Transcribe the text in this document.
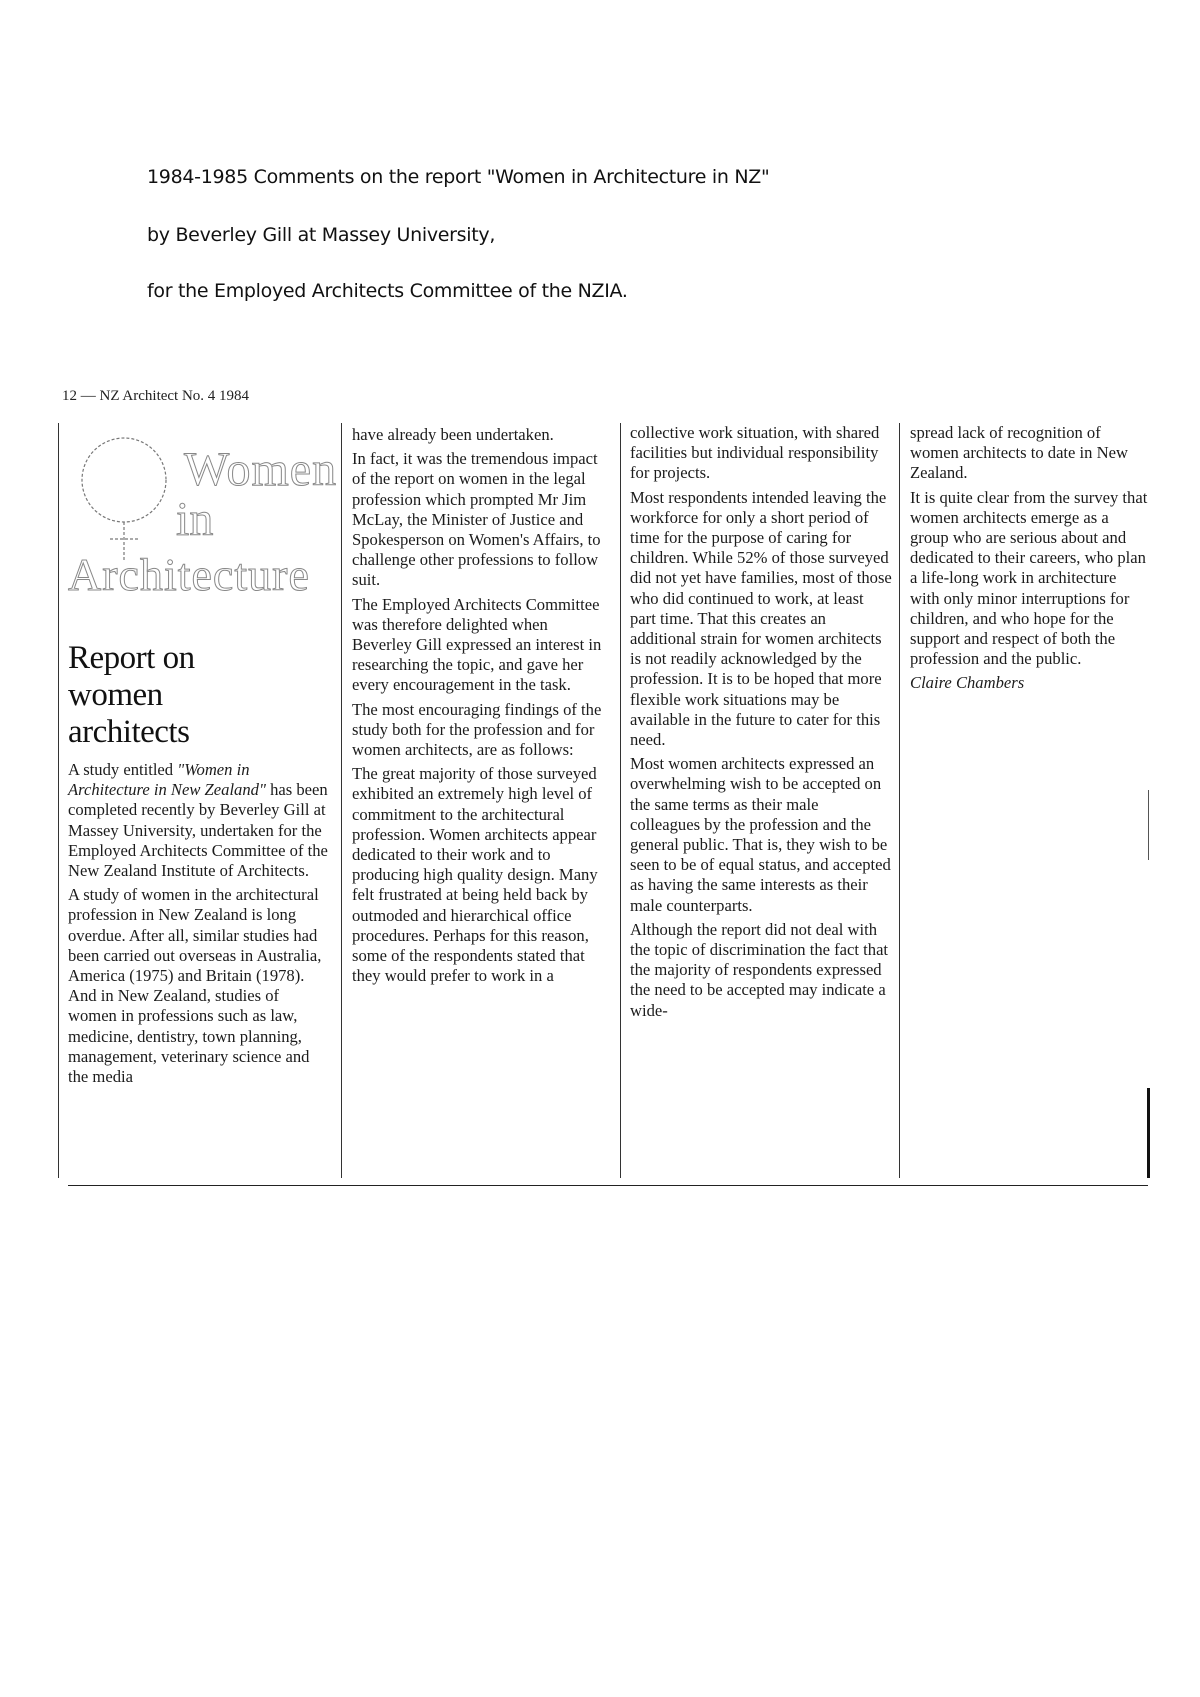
1984-1985 Comments on the report "Women in Architecture in NZ"
by Beverley Gill at Massey University,
for the Employed Architects Committee of the NZIA.
12 — NZ Architect No. 4 1984
Women
in
Architecture
Report on
women
architects

A study entitled "Women in Architecture in New Zealand" has been completed recently by Beverley Gill at Massey University, undertaken for the Employed Architects Committee of the New Zealand Institute of Architects.

A study of women in the architectural profession in New Zealand is long overdue. After all, similar studies had been carried out overseas in Australia, America (1975) and Britain (1978). And in New Zealand, studies of women in professions such as law, medicine, dentistry, town planning, management, veterinary science and the media

have already been undertaken.

In fact, it was the tremendous impact of the report on women in the legal profession which prompted Mr Jim McLay, the Minister of Justice and Spokesperson on Women's Affairs, to challenge other professions to follow suit.

The Employed Architects Committee was therefore delighted when Beverley Gill expressed an interest in researching the topic, and gave her every encouragement in the task.

The most encouraging findings of the study both for the profession and for women architects, are as follows:

The great majority of those surveyed exhibited an extremely high level of commitment to the architectural profession. Women architects appear dedicated to their work and to producing high quality design. Many felt frustrated at being held back by outmoded and hierarchical office procedures. Perhaps for this reason, some of the respondents stated that they would prefer to work in a

collective work situation, with shared facilities but individual responsibility for projects.

Most respondents intended leaving the workforce for only a short period of time for the purpose of caring for children. While 52% of those surveyed did not yet have families, most of those who did continued to work, at least part time. That this creates an additional strain for women architects is not readily acknowledged by the profession. It is to be hoped that more flexible work situations may be available in the future to cater for this need.

Most women architects expressed an overwhelming wish to be accepted on the same terms as their male colleagues by the profession and the general public. That is, they wish to be seen to be of equal status, and accepted as having the same interests as their male counterparts.

Although the report did not deal with the topic of discrimination the fact that the majority of respondents expressed the need to be accepted may indicate a wide-

spread lack of recognition of women architects to date in New Zealand.

It is quite clear from the survey that women architects emerge as a group who are serious about and dedicated to their careers, who plan a life-long work in architecture with only minor interruptions for children, and who hope for the support and respect of both the profession and the public.

Claire Chambers
